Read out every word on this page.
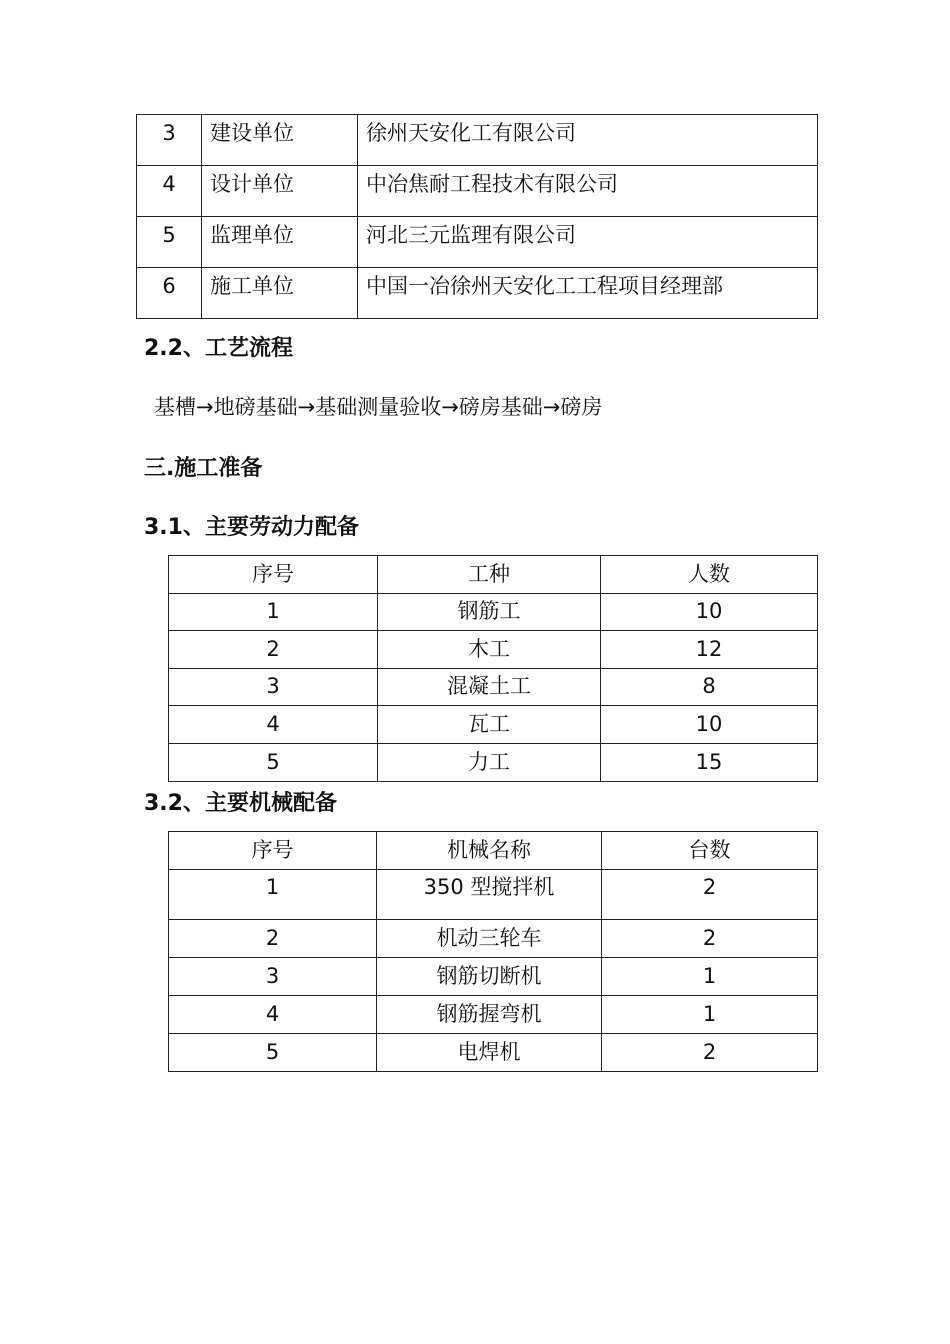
3	建设单位	徐州天安化工有限公司
4	设计单位	中冶焦耐工程技术有限公司
5	监理单位	河北三元监理有限公司
6	施工单位	中国一冶徐州天安化工工程项目经理部
2.2、工艺流程
基槽→地磅基础→基础测量验收→磅房基础→磅房
三.施工准备
3.1、主要劳动力配备
序号	工种	人数
1	钢筋工	10
2	木工	12
3	混凝土工	8
4	瓦工	10
5	力工	15
3.2、主要机械配备
序号	机械名称	台数
1	350 型搅拌机	2
2	机动三轮车	2
3	钢筋切断机	1
4	钢筋握弯机	1
5	电焊机	2
